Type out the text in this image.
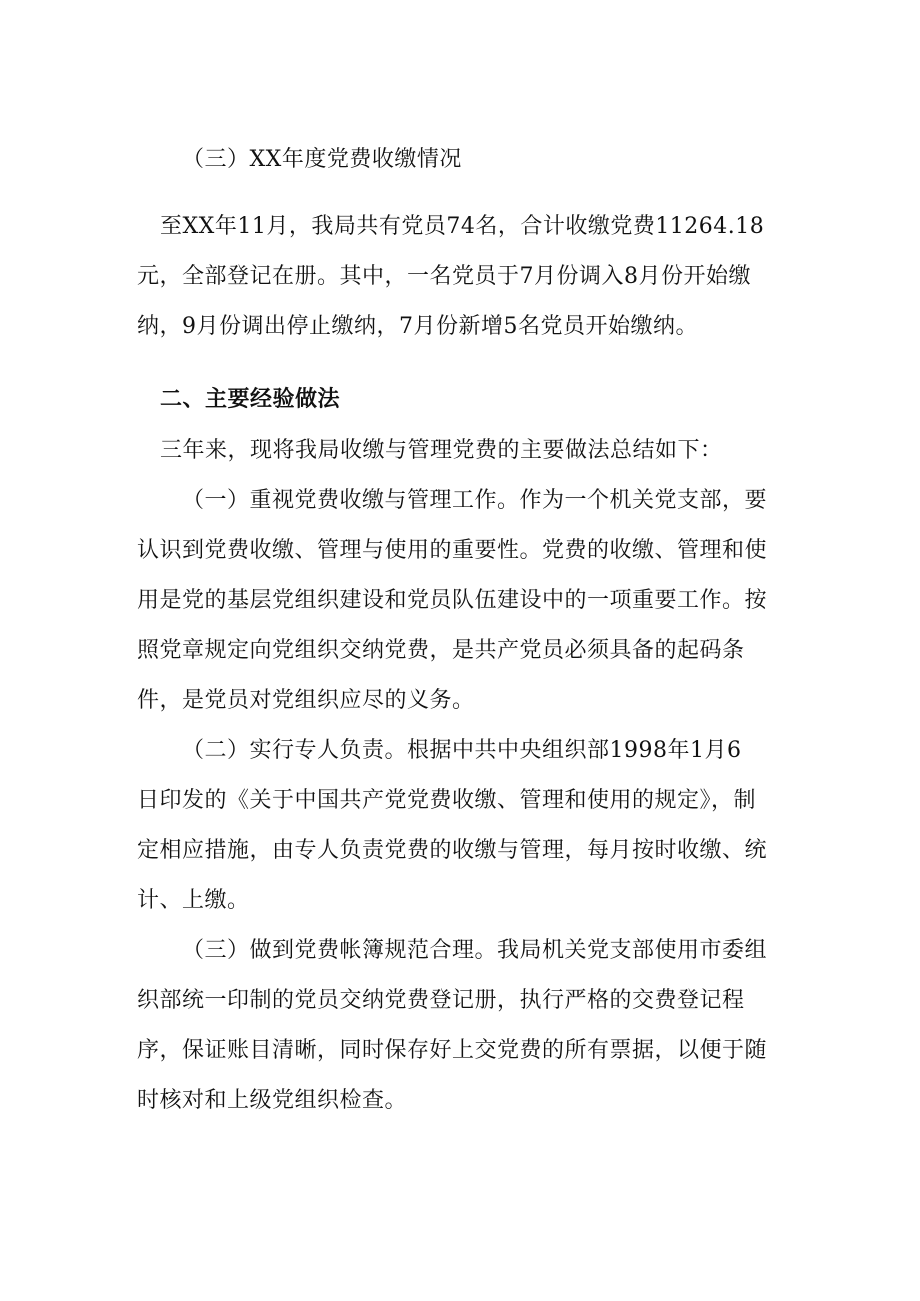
（三）XX年度党费收缴情况
至XX年11月，我局共有党员74名，合计收缴党费11264.18
元，全部登记在册。其中，一名党员于7月份调入8月份开始缴
纳，9月份调出停止缴纳，7月份新增5名党员开始缴纳。
二、主要经验做法
三年来，现将我局收缴与管理党费的主要做法总结如下：
（一）重视党费收缴与管理工作。作为一个机关党支部，要
认识到党费收缴、管理与使用的重要性。党费的收缴、管理和使
用是党的基层党组织建设和党员队伍建设中的一项重要工作。按
照党章规定向党组织交纳党费，是共产党员必须具备的起码条
件，是党员对党组织应尽的义务。
（二）实行专人负责。根据中共中央组织部1998年1月6
日印发的《关于中国共产党党费收缴、管理和使用的规定》，制
定相应措施，由专人负责党费的收缴与管理，每月按时收缴、统
计、上缴。
（三）做到党费帐簿规范合理。我局机关党支部使用市委组
织部统一印制的党员交纳党费登记册，执行严格的交费登记程
序，保证账目清晰，同时保存好上交党费的所有票据，以便于随
时核对和上级党组织检查。
